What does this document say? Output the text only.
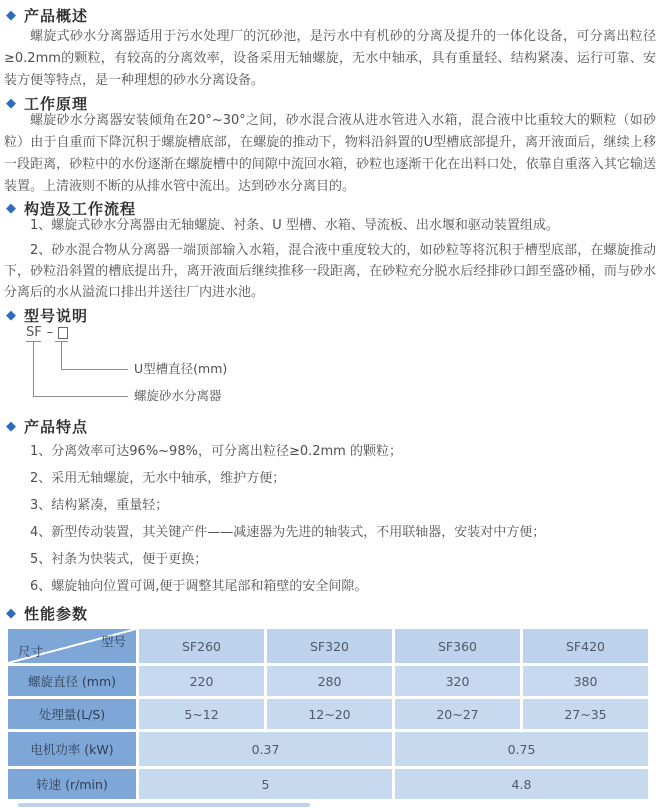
◆ 产品概述

螺旋式砂水分离器适用于污水处理厂的沉砂池，是污水中有机砂的分离及提升的一体化设备，可分离出粒径≥0.2mm的颗粒，有较高的分离效率，设备采用无轴螺旋，无水中轴承，具有重量轻、结构紧凑、运行可靠、安装方便等特点，是一种理想的砂水分离设备。

◆ 工作原理

螺旋砂水分离器安装倾角在20°~30°之间，砂水混合液从进水管进入水箱，混合液中比重较大的颗粒（如砂粒）由于自重而下降沉积于螺旋槽底部，在螺旋的推动下，物料沿斜置的U型槽底部提升，离开液面后，继续上移一段距离，砂粒中的水份逐渐在螺旋槽中的间隙中流回水箱，砂粒也逐渐干化在出料口处，依靠自重落入其它输送装置。上清液则不断的从排水管中流出。达到砂水分离目的。

◆ 构造及工作流程

1、螺旋式砂水分离器由无轴螺旋、衬条、U 型槽、水箱、导流板、出水堰和驱动装置组成。

2、砂水混合物从分离器一端顶部输入水箱，混合液中重度较大的，如砂粒等将沉积于槽型底部，在螺旋推动下，砂粒沿斜置的槽底提出升，离开液面后继续推移一段距离，在砂粒充分脱水后经排砂口卸至盛砂桶，而与砂水分离后的水从溢流口排出并送往厂内进水池。

◆ 型号说明
SF –
U型槽直径(mm)
螺旋砂水分离器
◆ 产品特点

1、分离效率可达96%~98%，可分离出粒径≥0.2mm 的颗粒；

2、采用无轴螺旋，无水中轴承，维护方便；

3、结构紧凑，重量轻；

4、新型传动装置，其关键产件——减速器为先进的轴装式，不用联轴器，安装对中方便；

5、衬条为快装式，便于更换；

6、螺旋轴向位置可调,便于调整其尾部和箱壁的安全间隙。

◆ 性能参数
型号
尺寸	SF260	SF320	SF360	SF420
螺旋直径 (mm)	220	280	320	380
处理量(L/S)	5~12	12~20	20~27	27~35
电机功率 (kW)	0.37		0.75	
转速 (r/min)	5		4.8	
